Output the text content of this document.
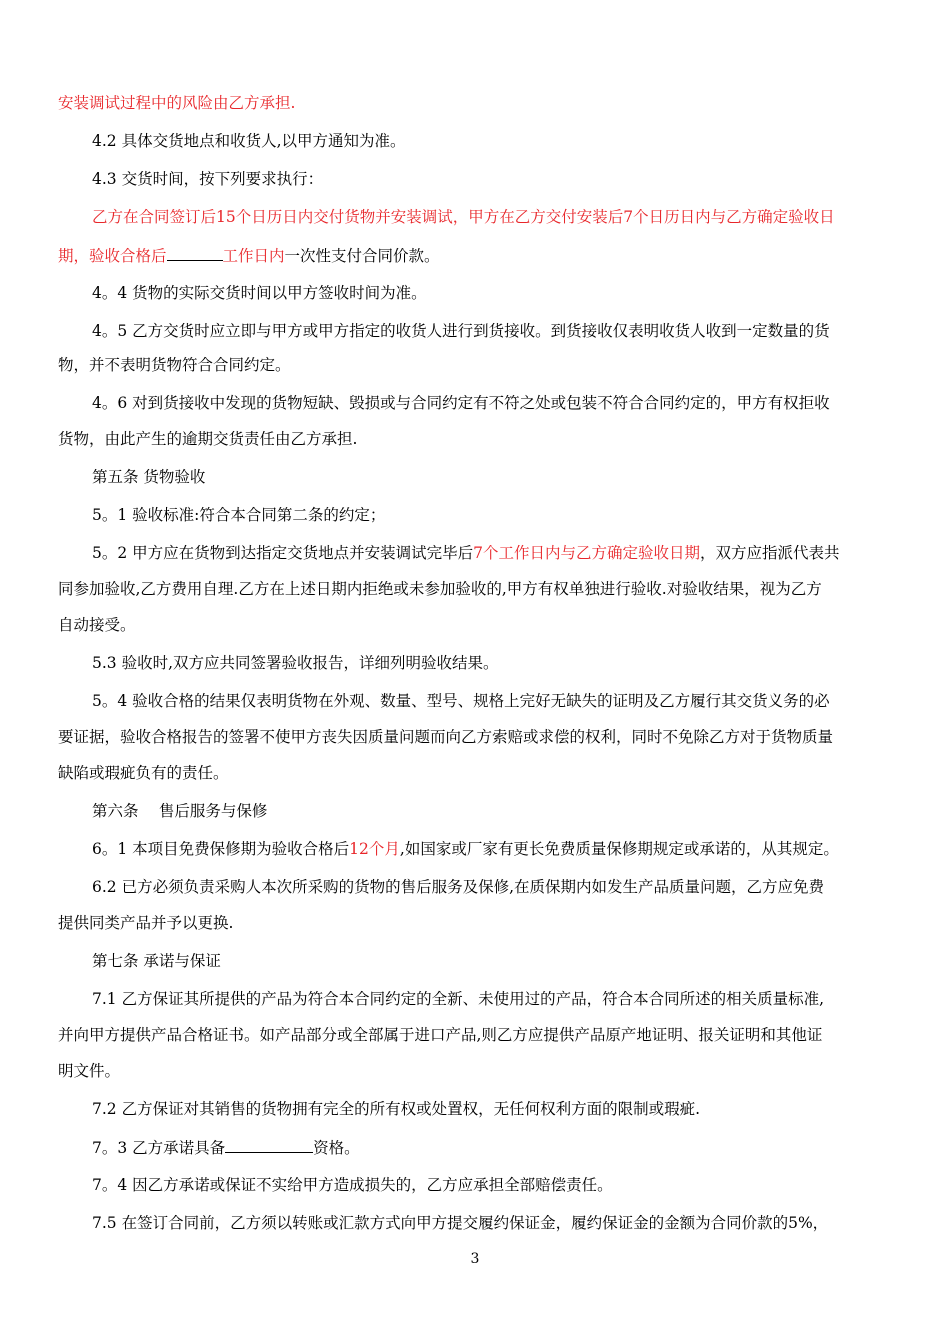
安装调试过程中的风险由乙方承担.
4.2 具体交货地点和收货人,以甲方通知为准。
4.3 交货时间，按下列要求执行：
乙方在合同签订后15个日历日内交付货物并安装调试，甲方在乙方交付安装后7个日历日内与乙方确定验收日
期，验收合格后	工作日内一次性支付合同价款。
4。4 货物的实际交货时间以甲方签收时间为准。
4。5 乙方交货时应立即与甲方或甲方指定的收货人进行到货接收。到货接收仅表明收货人收到一定数量的货
物，并不表明货物符合合同约定。
4。6 对到货接收中发现的货物短缺、毁损或与合同约定有不符之处或包装不符合合同约定的，甲方有权拒收
货物，由此产生的逾期交货责任由乙方承担.
第五条 货物验收
5。1 验收标准:符合本合同第二条的约定；
5。2 甲方应在货物到达指定交货地点并安装调试完毕后7个工作日内与乙方确定验收日期，双方应指派代表共
同参加验收,乙方费用自理.乙方在上述日期内拒绝或未参加验收的,甲方有权单独进行验收.对验收结果，视为乙方
自动接受。
5.3 验收时,双方应共同签署验收报告，详细列明验收结果。
5。4 验收合格的结果仅表明货物在外观、数量、型号、规格上完好无缺失的证明及乙方履行其交货义务的必
要证据，验收合格报告的签署不使甲方丧失因质量问题而向乙方索赔或求偿的权利，同时不免除乙方对于货物质量
缺陷或瑕疵负有的责任。
第六条　 售后服务与保修
6。1 本项目免费保修期为验收合格后12个月,如国家或厂家有更长免费质量保修期规定或承诺的，从其规定。
6.2 已方必须负责采购人本次所采购的货物的售后服务及保修,在质保期内如发生产品质量问题，乙方应免费
提供同类产品并予以更换.
第七条 承诺与保证
7.1 乙方保证其所提供的产品为符合本合同约定的全新、未使用过的产品，符合本合同所述的相关质量标准,
并向甲方提供产品合格证书。如产品部分或全部属于进口产品,则乙方应提供产品原产地证明、报关证明和其他证
明文件。
7.2 乙方保证对其销售的货物拥有完全的所有权或处置权，无任何权利方面的限制或瑕疵.
7。3 乙方承诺具备	资格。
7。4 因乙方承诺或保证不实给甲方造成损失的，乙方应承担全部赔偿责任。
7.5 在签订合同前，乙方须以转账或汇款方式向甲方提交履约保证金，履约保证金的金额为合同价款的5%，
3
